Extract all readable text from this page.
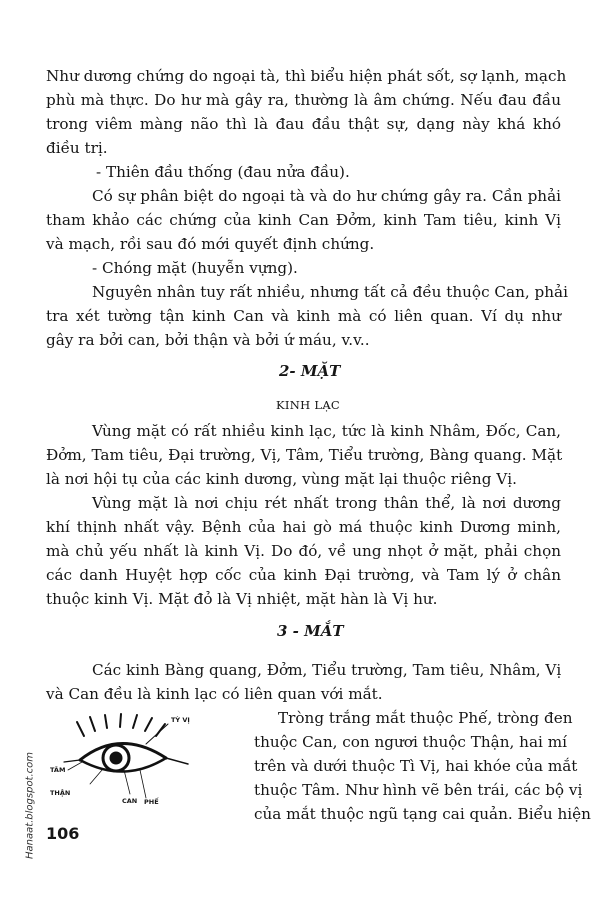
Như dương chứng do ngoại tà, thì biểu hiện phát sốt, sợ lạnh, mạch
phù mà thực. Do hư mà gây ra, thường là âm chứng. Nếu đau đầu
trong viêm màng não thì là đau đầu thật sự, dạng này khá khó
điều trị.
- Thiên đầu thống (đau nửa đầu).
Có sự phân biệt do ngoại tà và do hư chứng gây ra. Cần phải
tham khảo các chứng của kinh Can Đởm, kinh Tam tiêu, kinh Vị
và mạch, rồi sau đó mới quyết định chứng.
- Chóng mặt (huyễn vựng).
Nguyên nhân tuy rất nhiều, nhưng tất cả đều thuộc Can, phải
tra xét tường tận kinh Can và kinh mà có liên quan. Ví dụ như
gây ra bởi can, bởi thận và bởi ứ máu, v.v..
2- MẶT
KINH LẠC
Vùng mặt có rất nhiều kinh lạc, tức là kinh Nhâm, Đốc, Can,
Đởm, Tam tiêu, Đại trường, Vị, Tâm, Tiểu trường, Bàng quang. Mặt
là nơi hội tụ của các kinh dương, vùng mặt lại thuộc riêng Vị.
Vùng mặt là nơi chịu rét nhất trong thân thể, là nơi dương
khí thịnh nhất vậy. Bệnh của hai gò má thuộc kinh Dương minh,
mà chủ yếu nhất là kinh Vị. Do đó, về ung nhọt ở mặt, phải chọn
các danh Huyệt hợp cốc của kinh Đại trường, và Tam lý ở chân
thuộc kinh Vị. Mặt đỏ là Vị nhiệt, mặt hàn là Vị hư.
3 - MẮT
Các kinh Bàng quang, Đởm, Tiểu trường, Tam tiêu, Nhâm, Vị
và Can đều là kinh lạc có liên quan với mắt.
Tròng trắng mắt thuộc Phế, tròng đen
thuộc Can, con ngươi thuộc Thận, hai mí
trên và dưới thuộc Tì Vị, hai khóe của mắt
thuộc Tâm. Như hình vẽ bên trái, các bộ vị
của mắt thuộc ngũ tạng cai quản. Biểu hiện
TỲ VỊ
TÂM
THẬN
CAN PHẾ
106
Hanaat.blogspot.com
